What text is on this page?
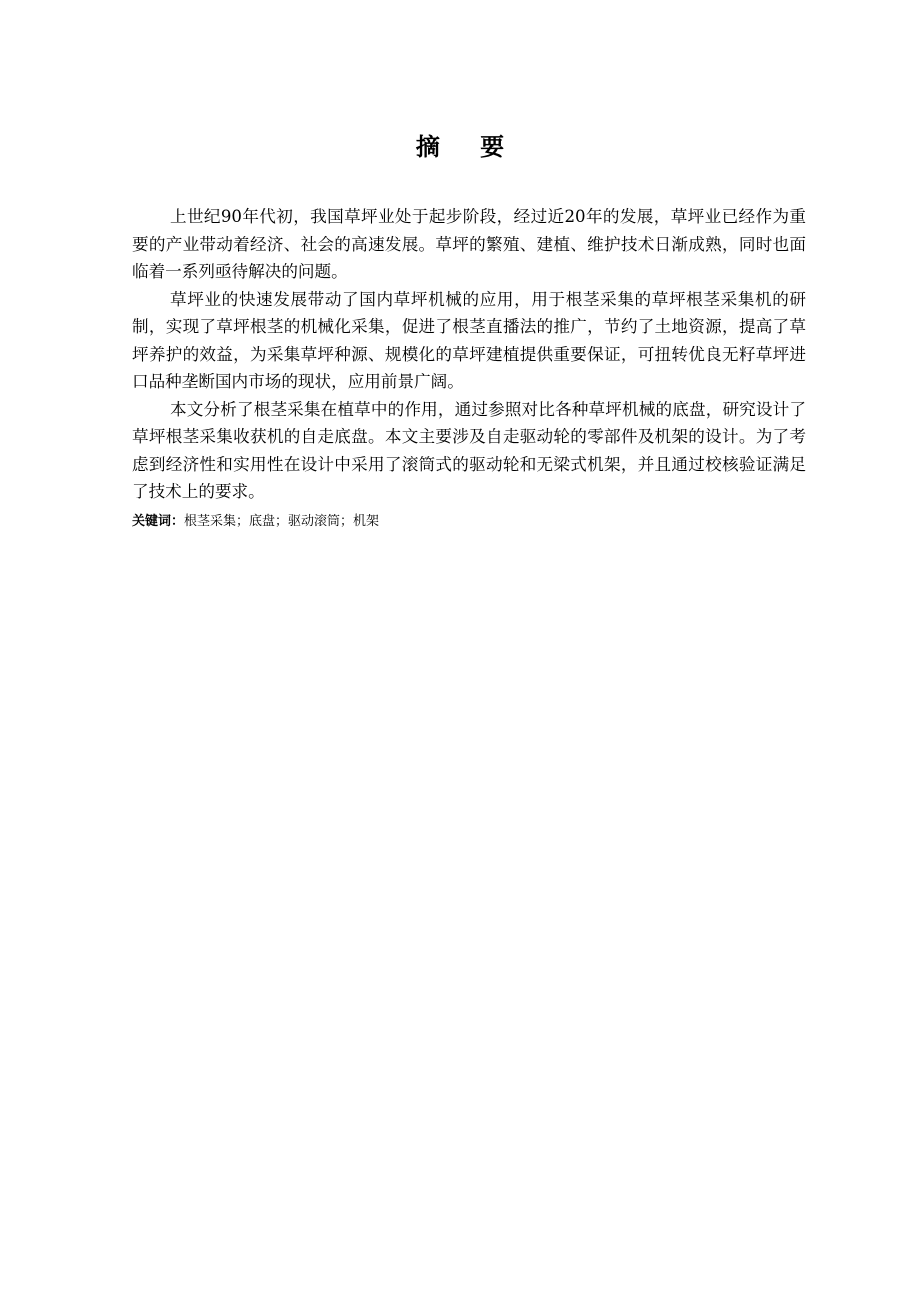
摘 要

上世纪90年代初，我国草坪业处于起步阶段，经过近20年的发展，草坪业已经作为重要的产业带动着经济、社会的高速发展。草坪的繁殖、建植、维护技术日渐成熟，同时也面临着一系列亟待解决的问题。

草坪业的快速发展带动了国内草坪机械的应用，用于根茎采集的草坪根茎采集机的研制，实现了草坪根茎的机械化采集，促进了根茎直播法的推广，节约了土地资源，提高了草坪养护的效益，为采集草坪种源、规模化的草坪建植提供重要保证，可扭转优良无籽草坪进口品种垄断国内市场的现状，应用前景广阔。

本文分析了根茎采集在植草中的作用，通过参照对比各种草坪机械的底盘，研究设计了草坪根茎采集收获机的自走底盘。本文主要涉及自走驱动轮的零部件及机架的设计。为了考虑到经济性和实用性在设计中采用了滚筒式的驱动轮和无梁式机架，并且通过校核验证满足了技术上的要求。

关键词：根茎采集；底盘；驱动滚筒；机架
